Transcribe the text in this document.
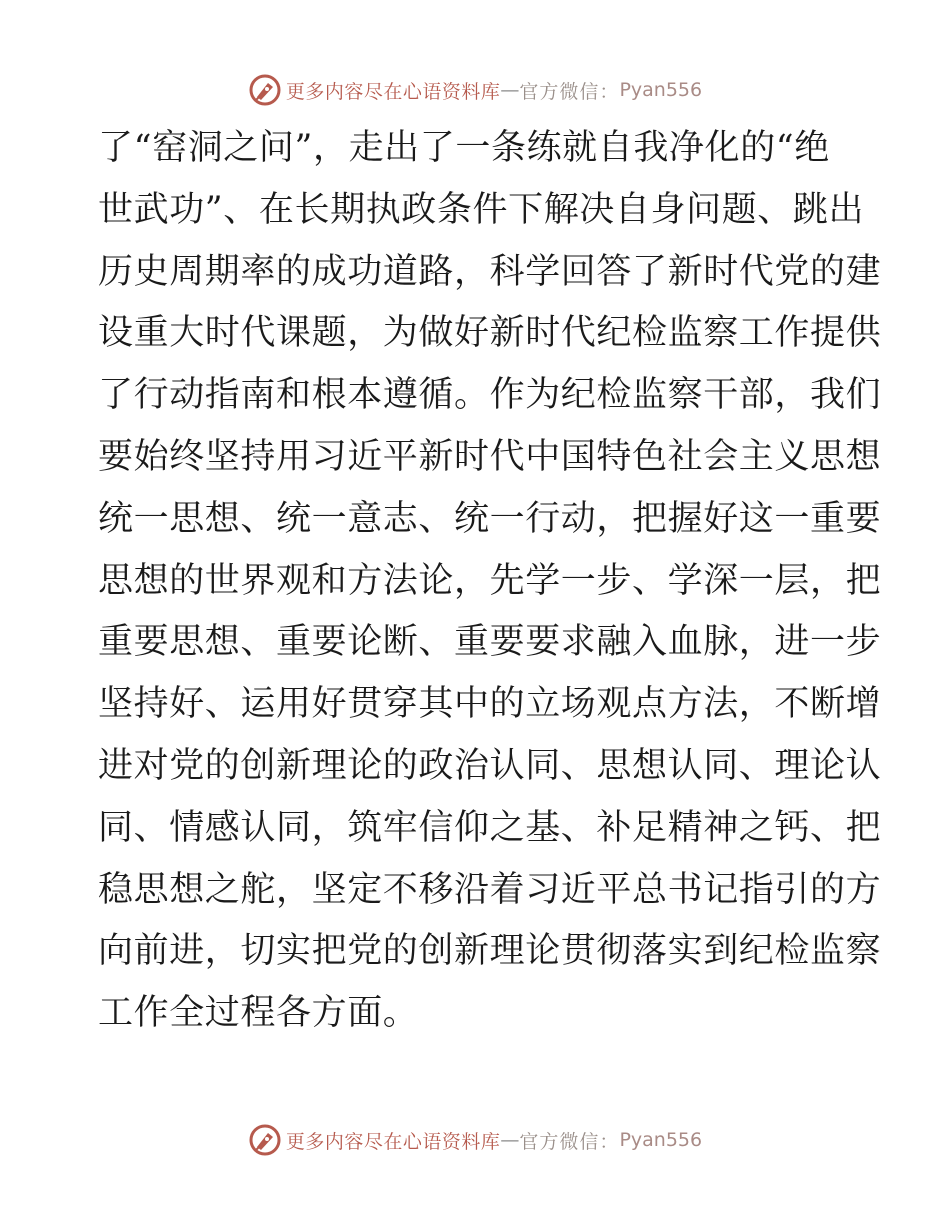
更多内容尽在心语资料库 — 官方微信： Pyan556
了“窑洞之问”，走出了一条练就自我净化的“绝
世武功”、在长期执政条件下解决自身问题、跳出
历史周期率的成功道路，科学回答了新时代党的建
设重大时代课题，为做好新时代纪检监察工作提供
了行动指南和根本遵循。作为纪检监察干部，我们
要始终坚持用习近平新时代中国特色社会主义思想
统一思想、统一意志、统一行动，把握好这一重要
思想的世界观和方法论，先学一步、学深一层，把
重要思想、重要论断、重要要求融入血脉，进一步
坚持好、运用好贯穿其中的立场观点方法，不断增
进对党的创新理论的政治认同、思想认同、理论认
同、情感认同，筑牢信仰之基、补足精神之钙、把
稳思想之舵，坚定不移沿着习近平总书记指引的方
向前进，切实把党的创新理论贯彻落实到纪检监察
工作全过程各方面。
更多内容尽在心语资料库 — 官方微信： Pyan556
